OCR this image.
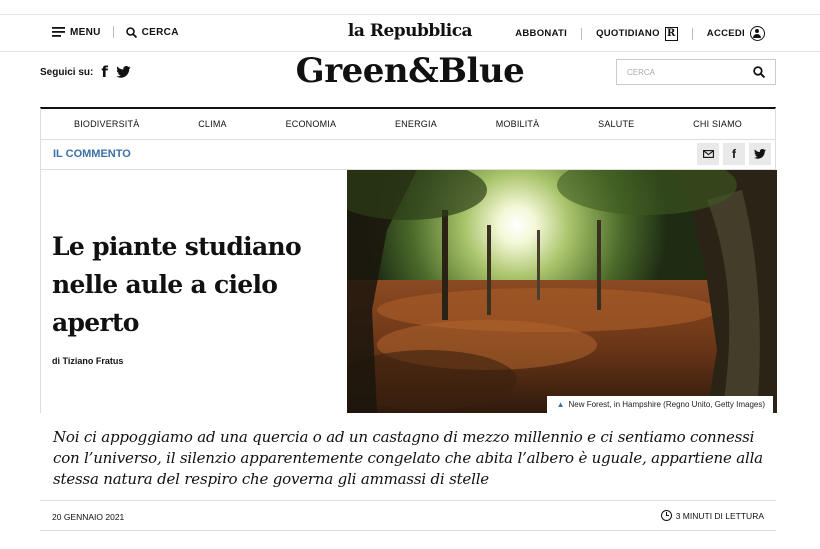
MENU	CERCA	la Repubblica	ABBONATI	QUOTIDIANO R	ACCEDI
Seguici su: f	Green&Blue	CERCA
BIODIVERSITÀ	CLIMA	ECONOMIA	ENERGIA	MOBILITÀ	SALUTE	CHI SIAMO
IL COMMENTO	f
Le piante studiano nelle aule a cielo aperto
di Tiziano Fratus
▲ New Forest, in Hampshire (Regno Unito, Getty Images)

Noi ci appoggiamo ad una quercia o ad un castagno di mezzo millennio e ci sentiamo connessi con l’universo, il silenzio apparentemente congelato che abita l’albero è uguale, appartiene alla stessa natura del respiro che governa gli ammassi di stelle

20 GENNAIO 2021	3 MINUTI DI LETTURA
